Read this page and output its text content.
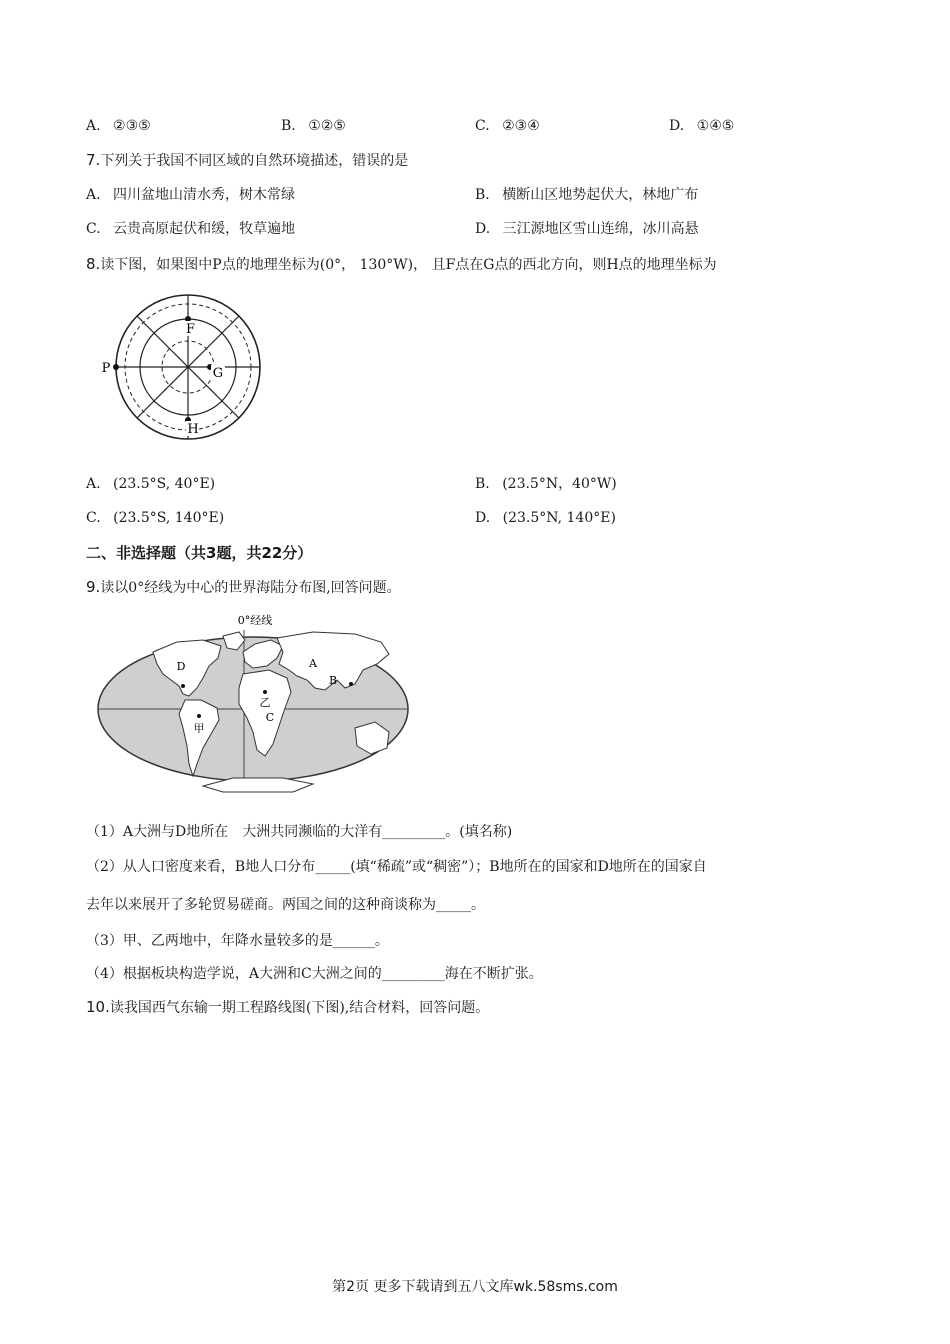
A. ②③⑤	B. ①②⑤	C. ②③④	D. ①④⑤
7.下列关于我国不同区域的自然环境描述，错误的是
A. 四川盆地山清水秀，树木常绿	B. 横断山区地势起伏大，林地广布
C. 云贵高原起伏和缓，牧草遍地	D. 三江源地区雪山连绵，冰川高悬
8.读下图，如果图中P点的地理坐标为(0°， 130°W)， 且F点在G点的西北方向，则H点的地理坐标为
F
P	G
H
A. (23.5°S, 40°E)	B. (23.5°N，40°W)
C. (23.5°S, 140°E)	D. (23.5°N, 140°E)
二、非选择题（共3题，共22分）
9.读以0°经线为中心的世界海陆分布图,回答问题。
0°经线
A
B
C
D
乙
甲
（1）A大洲与D地所在　大洲共同濒临的大洋有_________。(填名称)
（2）从人口密度来看，B地人口分布_____(填“稀疏”或“稠密”）；B地所在的国家和D地所在的国家自
去年以来展开了多轮贸易磋商。两国之间的这种商谈称为_____。
（3）甲、乙两地中，年降水量较多的是______。
（4）根据板块构造学说，A大洲和C大洲之间的_________海在不断扩张。
10.读我国西气东输一期工程路线图(下图),结合材料，回答问题。
第2页 更多下载请到五八文库wk.58sms.com
